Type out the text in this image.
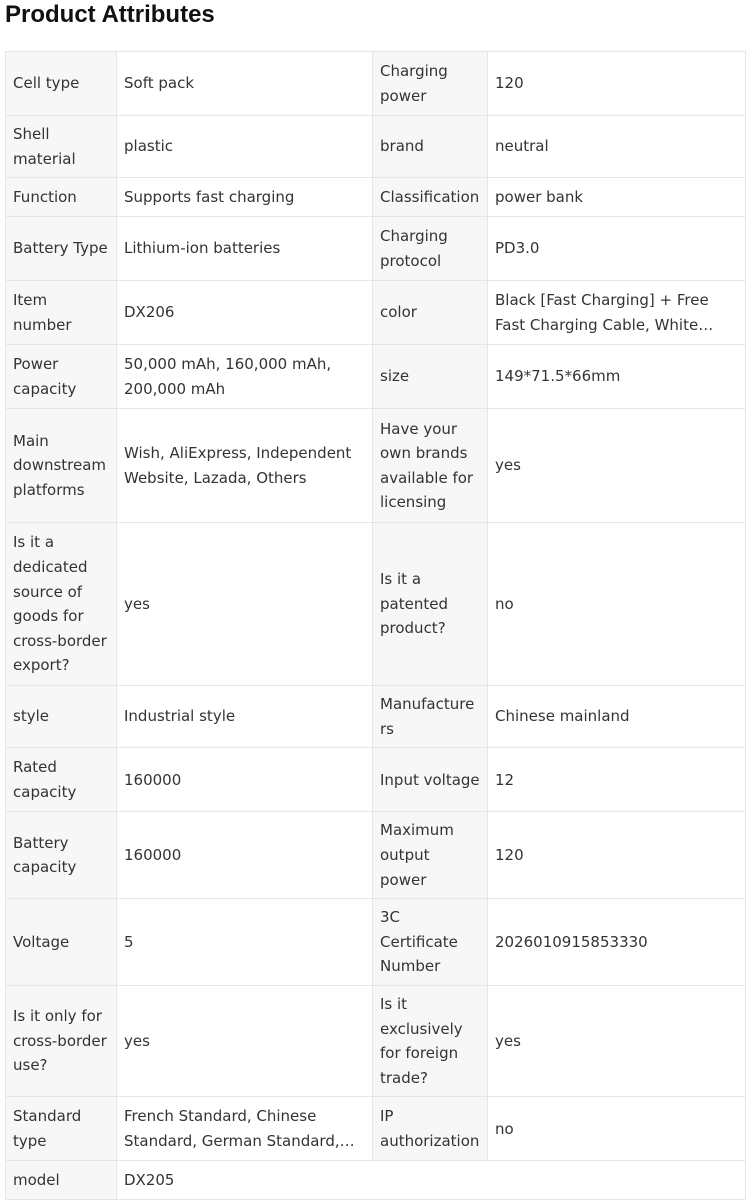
Product Attributes
Cell type	Soft pack	Charging power	120
Shell material	plastic	brand	neutral
Function	Supports fast charging	Classification	power bank
Battery Type	Lithium-ion batteries	Charging protocol	PD3.0
Item number	DX206	color	Black [Fast Charging] + Free Fast Charging Cable, White

Power capacity	50,000 mAh, 160,000 mAh, 200,000 mAh	size	149*71.5*66mm
Main downstream platforms	Wish, AliExpress, Independent Website, Lazada, Others	Have your own brands available for licensing	yes
Is it a dedicated source of goods for cross-border export?	yes	Is it a patented product?	no
style	Industrial style	Manufacturers	Chinese mainland
Rated capacity	160000	Input voltage	12
Battery capacity	160000	Maximum output power	120
Voltage	5	3C Certificate Number	2026010915853330
Is it only for cross-border use?	yes	Is it exclusively for foreign trade?	yes
Standard type	French Standard, Chinese Standard, German Standard,	IP authorization	no
model	DX205		
